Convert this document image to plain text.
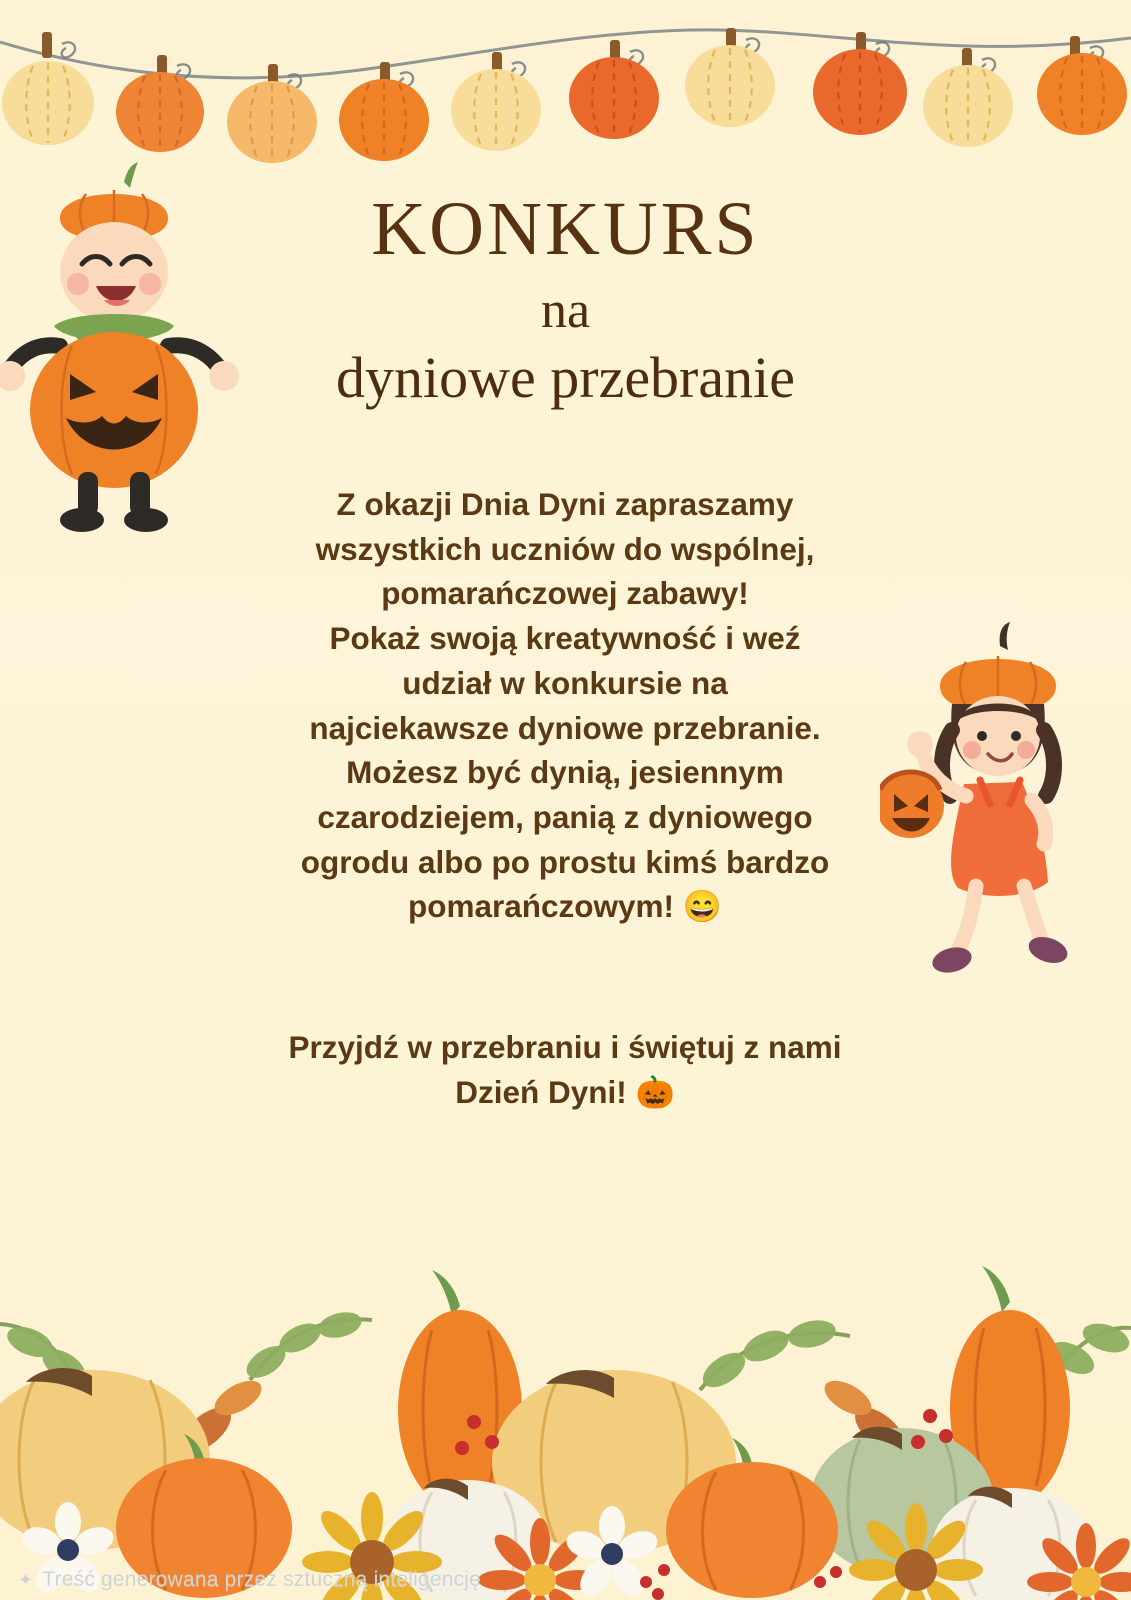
KONKURS
na
dyniowe przebranie

Z okazji Dnia Dyni zapraszamy

wszystkich uczniów do wspólnej,

pomarańczowej zabawy!

Pokaż swoją kreatywność i weź

udział w konkursie na

najciekawsze dyniowe przebranie.

Możesz być dynią, jesiennym

czarodziejem, panią z dyniowego

ogrodu albo po prostu kimś bardzo

pomarańczowym! 😄

Przyjdź w przebraniu i świętuj z nami

Dzień Dyni! 🎃

✦ Treść generowana przez sztuczną inteligencję
